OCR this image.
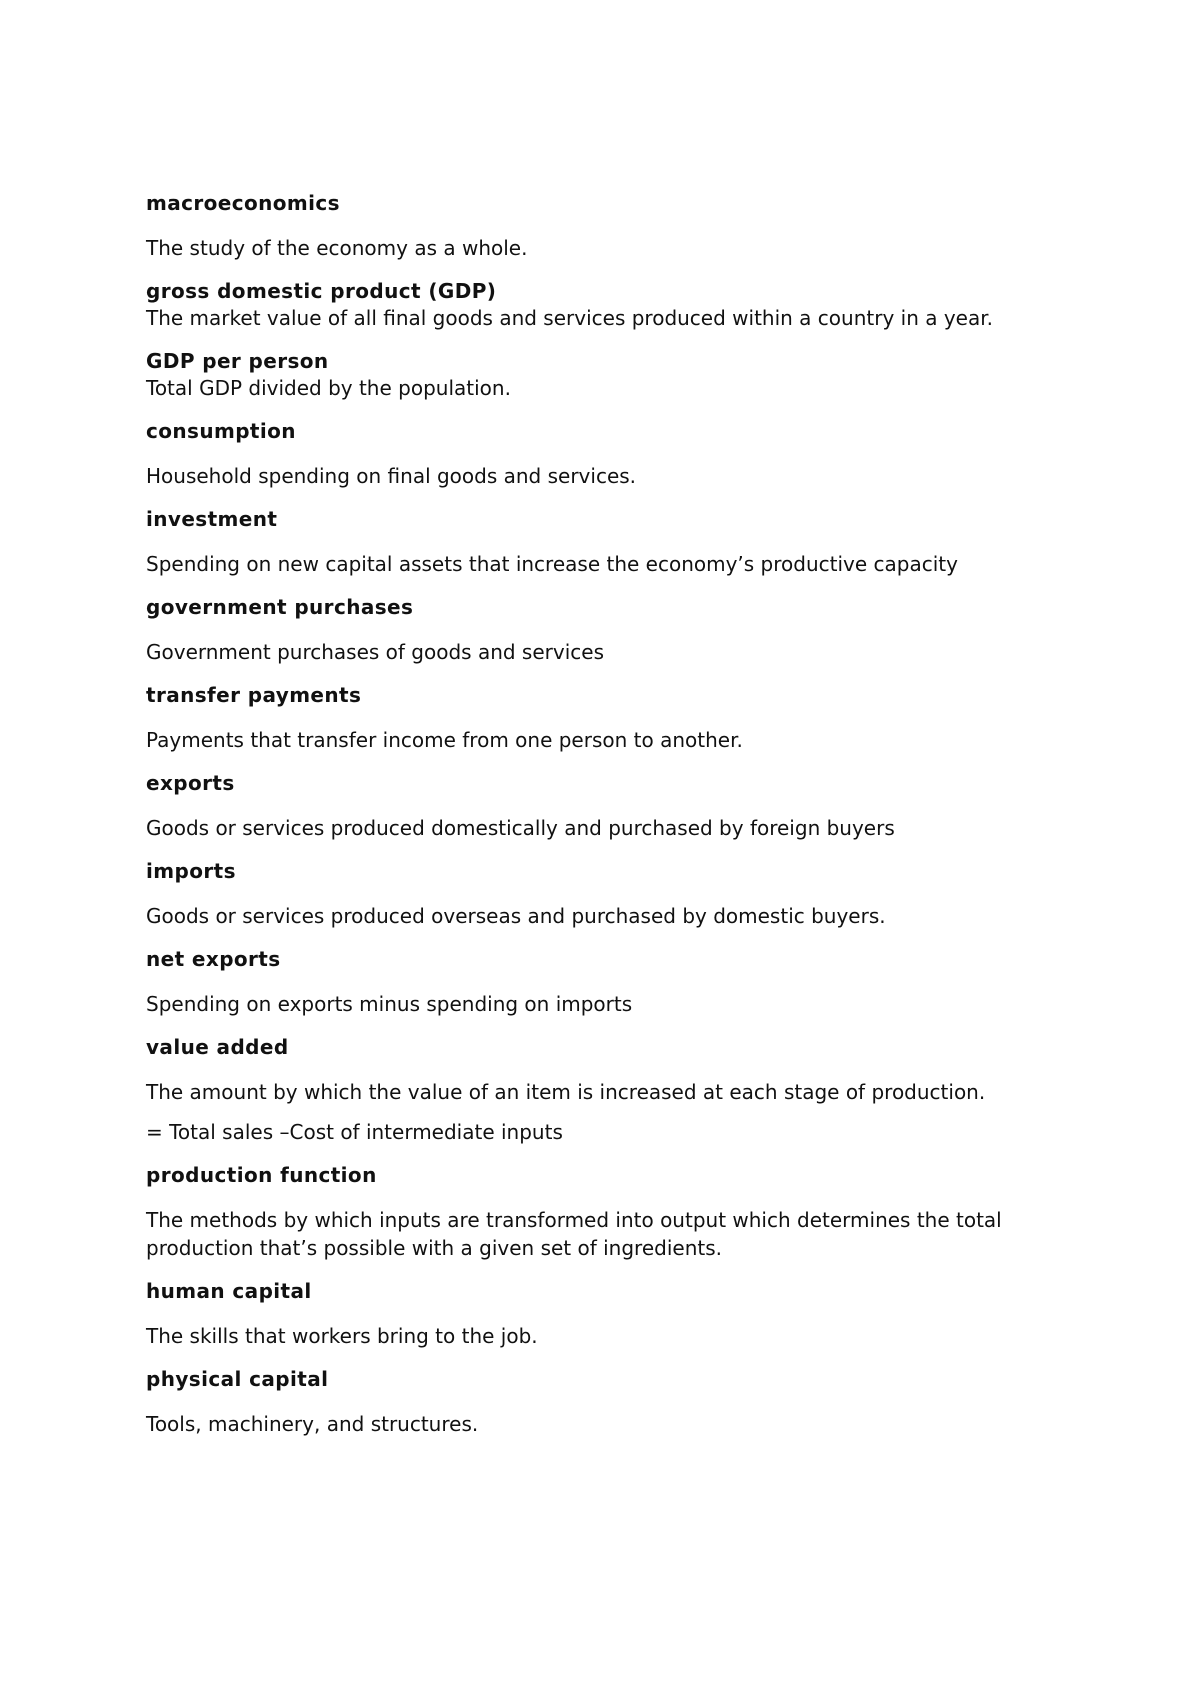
macroeconomics

The study of the economy as a whole.

gross domestic product (GDP)

The market value of all final goods and services produced within a country in a year.

GDP per person

Total GDP divided by the population.

consumption

Household spending on final goods and services.

investment

Spending on new capital assets that increase the economy’s productive capacity

government purchases

Government purchases of goods and services

transfer payments

Payments that transfer income from one person to another.

exports

Goods or services produced domestically and purchased by foreign buyers

imports

Goods or services produced overseas and purchased by domestic buyers.

net exports

Spending on exports minus spending on imports

value added

The amount by which the value of an item is increased at each stage of production.

= Total sales –Cost of intermediate inputs

production function

The methods by which inputs are transformed into output which determines the total production that’s possible with a given set of ingredients.

human capital

The skills that workers bring to the job.

physical capital

Tools, machinery, and structures.
